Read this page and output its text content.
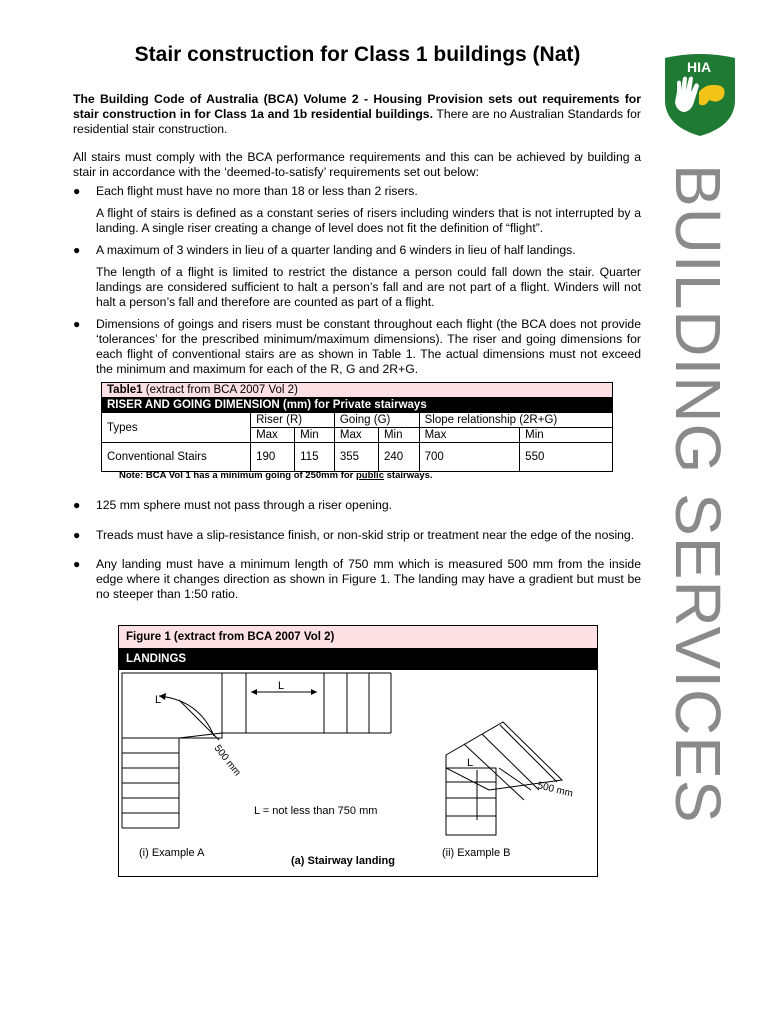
Stair construction for Class 1 buildings (Nat)
HIA
BUILDING SERVICES

The Building Code of Australia (BCA) Volume 2 - Housing Provision sets out requirements for stair construction in for Class 1a and 1b residential buildings. There are no Australian Standards for residential stair construction.

All stairs must comply with the BCA performance requirements and this can be achieved by building a stair in accordance with the ‘deemed-to-satisfy’ requirements set out below:

● Each flight must have no more than 18 or less than 2 risers.
A flight of stairs is defined as a constant series of risers including winders that is not interrupted by a landing. A single riser creating a change of level does not fit the definition of “flight”.
● A maximum of 3 winders in lieu of a quarter landing and 6 winders in lieu of half landings.
The length of a flight is limited to restrict the distance a person could fall down the stair. Quarter landings are considered sufficient to halt a person’s fall and are not part of a flight. Winders will not halt a person’s fall and therefore are counted as part of a flight.
● Dimensions of goings and risers must be constant throughout each flight (the BCA does not provide ‘tolerances’ for the prescribed minimum/maximum dimensions). The riser and going dimensions for each flight of conventional stairs are as shown in Table 1. The actual dimensions must not exceed the minimum and maximum for each of the R, G and 2R+G.
Table1 (extract from BCA 2007 Vol 2)						
RISER AND GOING DIMENSION (mm) for Private stairways						
Types	Riser (R)		Going (G)		Slope relationship (2R+G)	
	Max	Min	Max	Min	Max	Min
Conventional Stairs	190	115	355	240	700	550
Note: BCA Vol 1 has a minimum going of 250mm for public stairways.
● 125 mm sphere must not pass through a riser opening.
● Treads must have a slip-resistance finish, or non-skid strip or treatment near the edge of the nosing.
● Any landing must have a minimum length of 750 mm which is measured 500 mm from the inside edge where it changes direction as shown in Figure 1. The landing may have a gradient but must be no steeper than 1:50 ratio.
Figure 1 (extract from BCA 2007 Vol 2)
LANDINGS
L
L
500 mm	L
500 mm
L = not less than 750 mm
(i) Example A	(ii) Example B
(a) Stairway landing
